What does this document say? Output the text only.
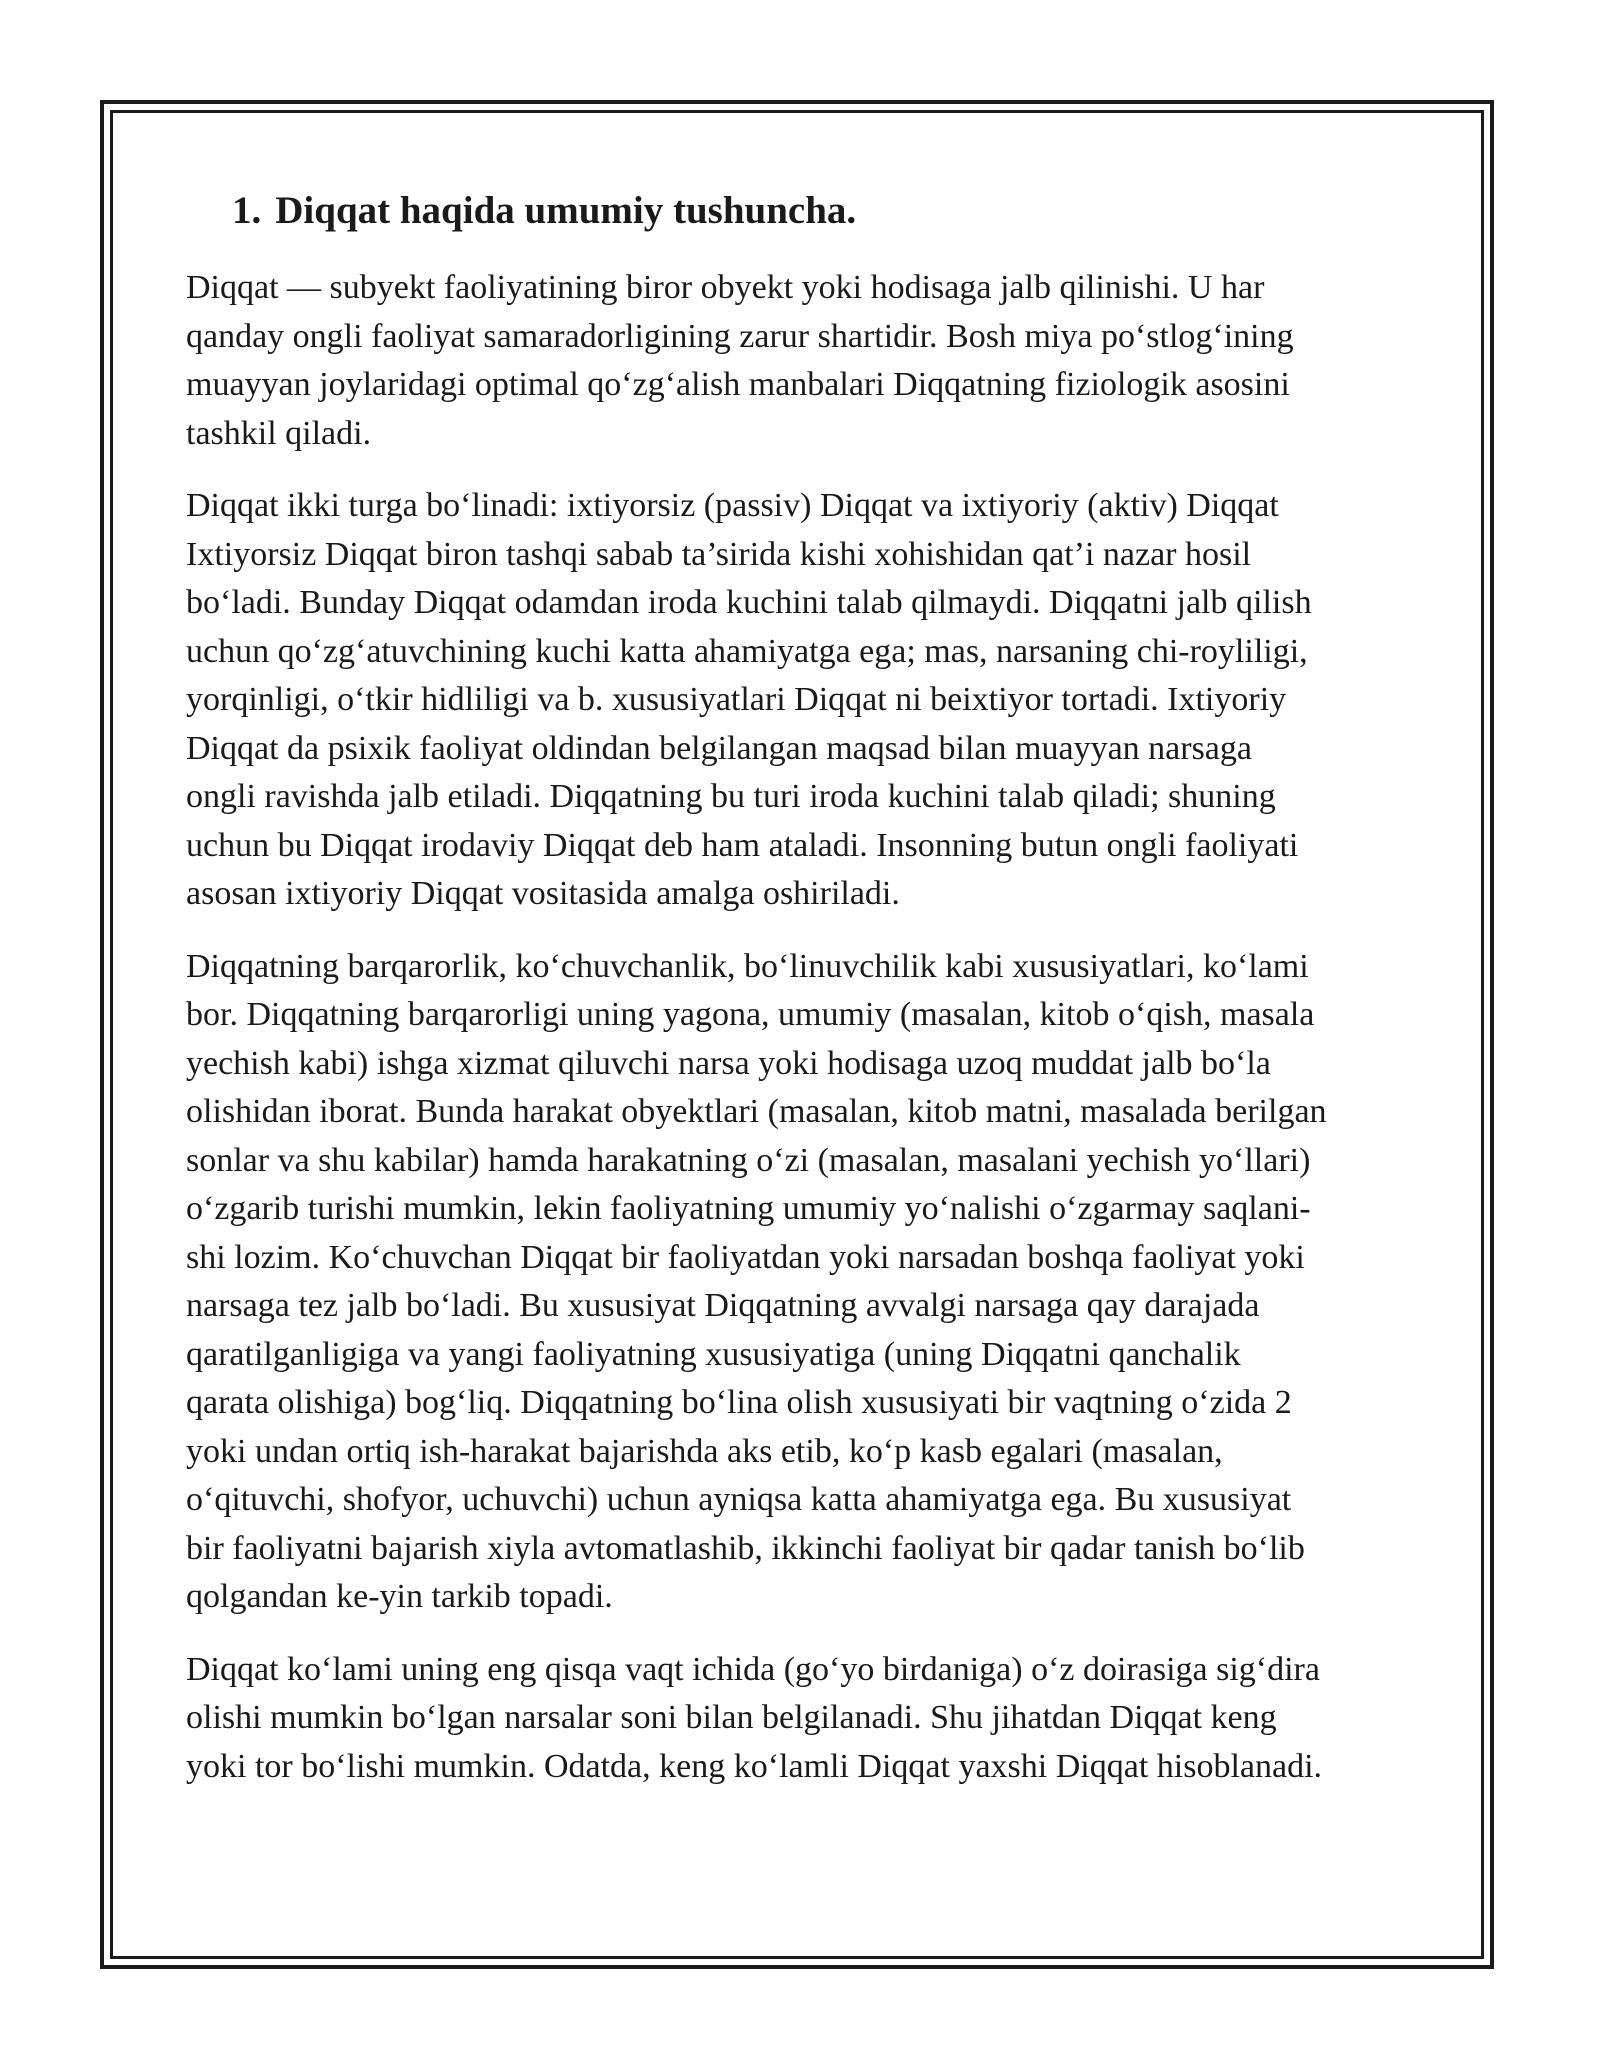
1. Diqqat haqida umumiy tushuncha.

Diqqat — subyekt faoliyatining biror obyekt yoki hodisaga jalb qilinishi. U har
qanday ongli faoliyat samaradorligining zarur shartidir. Bosh miya po‘stlog‘ining
muayyan joylaridagi optimal qo‘zg‘alish manbalari Diqqatning fiziologik asosini
tashkil qiladi.

Diqqat ikki turga bo‘linadi: ixtiyorsiz (passiv) Diqqat va ixtiyoriy (aktiv) Diqqat
Ixtiyorsiz Diqqat biron tashqi sabab ta’sirida kishi xohishidan qat’i nazar hosil
bo‘ladi. Bunday Diqqat odamdan iroda kuchini talab qilmaydi. Diqqatni jalb qilish
uchun qo‘zg‘atuvchining kuchi katta ahamiyatga ega; mas, narsaning chi-royliligi,
yorqinligi, o‘tkir hidliligi va b. xususiyatlari Diqqat ni beixtiyor tortadi. Ixtiyoriy
Diqqat da psixik faoliyat oldindan belgilangan maqsad bilan muayyan narsaga
ongli ravishda jalb etiladi. Diqqatning bu turi iroda kuchini talab qiladi; shuning
uchun bu Diqqat irodaviy Diqqat deb ham ataladi. Insonning butun ongli faoliyati
asosan ixtiyoriy Diqqat vositasida amalga oshiriladi.

Diqqatning barqarorlik, ko‘chuvchanlik, bo‘linuvchilik kabi xususiyatlari, ko‘lami
bor. Diqqatning barqarorligi uning yagona, umumiy (masalan, kitob o‘qish, masala
yechish kabi) ishga xizmat qiluvchi narsa yoki hodisaga uzoq muddat jalb bo‘la
olishidan iborat. Bunda harakat obyektlari (masalan, kitob matni, masalada berilgan
sonlar va shu kabilar) hamda harakatning o‘zi (masalan, masalani yechish yo‘llari)
o‘zgarib turishi mumkin, lekin faoliyatning umumiy yo‘nalishi o‘zgarmay saqlani-
shi lozim. Ko‘chuvchan Diqqat bir faoliyatdan yoki narsadan boshqa faoliyat yoki
narsaga tez jalb bo‘ladi. Bu xususiyat Diqqatning avvalgi narsaga qay darajada
qaratilganligiga va yangi faoliyatning xususiyatiga (uning Diqqatni qanchalik
qarata olishiga) bog‘liq. Diqqatning bo‘lina olish xususiyati bir vaqtning o‘zida 2
yoki undan ortiq ish-harakat bajarishda aks etib, ko‘p kasb egalari (masalan,
o‘qituvchi, shofyor, uchuvchi) uchun ayniqsa katta ahamiyatga ega. Bu xususiyat
bir faoliyatni bajarish xiyla avtomatlashib, ikkinchi faoliyat bir qadar tanish bo‘lib
qolgandan ke-yin tarkib topadi.

Diqqat ko‘lami uning eng qisqa vaqt ichida (go‘yo birdaniga) o‘z doirasiga sig‘dira
olishi mumkin bo‘lgan narsalar soni bilan belgilanadi. Shu jihatdan Diqqat keng
yoki tor bo‘lishi mumkin. Odatda, keng ko‘lamli Diqqat yaxshi Diqqat hisoblanadi.
